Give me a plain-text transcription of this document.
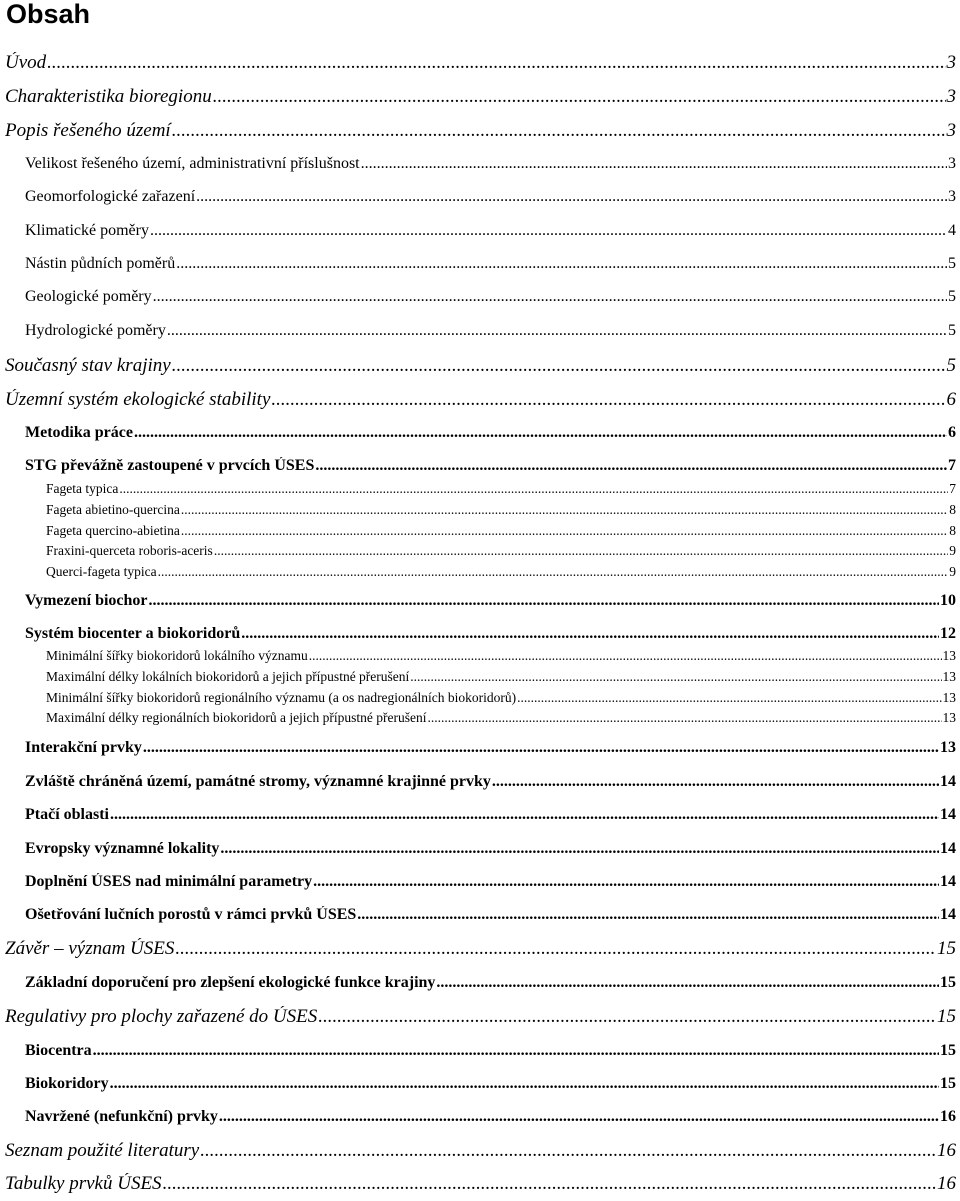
Obsah
Úvod .....	3
Charakteristika bioregionu .....	3
Popis řešeného území .....	3
Velikost řešeného území, administrativní příslušnost .....	3
Geomorfologické zařazení .....	3
Klimatické poměry .....	4
Nástin půdních poměrů .....	5
Geologické poměry .....	5
Hydrologické poměry .....	5
Současný stav krajiny .....	5
Územní systém ekologické stability .....	6
Metodika práce .....	6
STG převážně zastoupené v prvcích ÚSES .....	7
Fageta typica .....	7
Fageta abietino-quercina .....	8
Fageta quercino-abietina .....	8
Fraxini-querceta roboris-aceris .....	9
Querci-fageta typica .....	9
Vymezení biochor .....	10
Systém biocenter a biokoridorů .....	12
Minimální šířky biokoridorů lokálního významu .....	13
Maximální délky lokálních biokoridorů a jejich přípustné přerušení .....	13
Minimální šířky biokoridorů regionálního významu (a os nadregionálních biokoridorů) .....	13
Maximální délky regionálních biokoridorů a jejich přípustné přerušení .....	13
Interakční prvky .....	13
Zvláště chráněná území, památné stromy, významné krajinné prvky .....	14
Ptačí oblasti .....	14
Evropsky významné lokality .....	14
Doplnění ÚSES nad minimální parametry .....	14
Ošetřování lučních porostů v rámci prvků ÚSES .....	14
Závěr – význam ÚSES .....	15
Základní doporučení pro zlepšení ekologické funkce krajiny .....	15
Regulativy pro plochy zařazené do ÚSES .....	15
Biocentra .....	15
Biokoridory .....	15
Navržené (nefunkční) prvky .....	16
Seznam použité literatury .....	16
Tabulky prvků ÚSES .....	16
